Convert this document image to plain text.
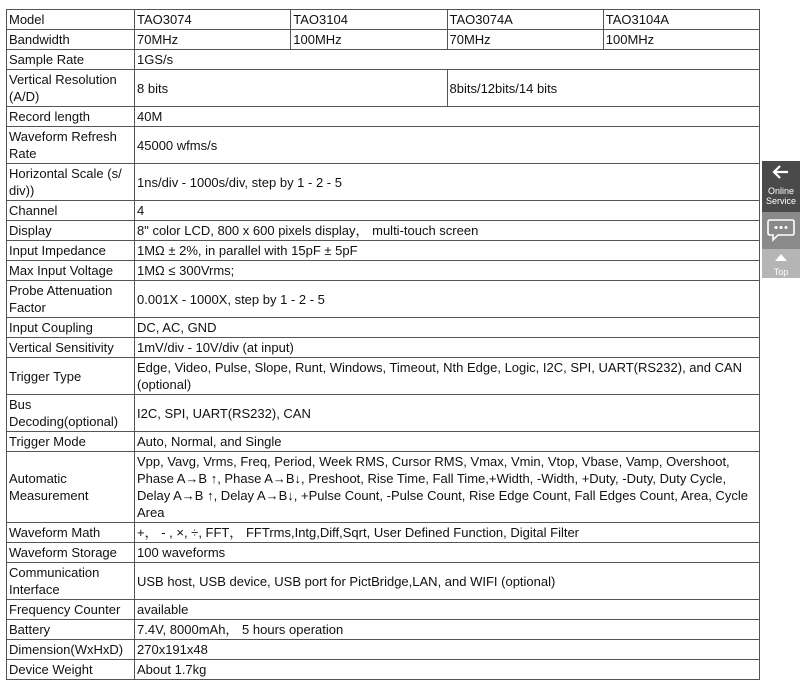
Model	TAO3074	TAO3104	TAO3074A	TAO3104A
Bandwidth	70MHz	100MHz	70MHz	100MHz
Sample Rate	1GS/s			
Vertical Resolution (A/D)	8 bits		8bits/12bits/14 bits	
Record length	40M			
Waveform Refresh Rate	45000 wfms/s			
Horizontal Scale (s/ div))	1ns/div - 1000s/div, step by 1 - 2 - 5			
Channel	4			
Display	8" color LCD, 800 x 600 pixels display， multi-touch screen			
Input Impedance	1MΩ ± 2%, in parallel with 15pF ± 5pF			
Max Input Voltage	1MΩ ≤ 300Vrms;			
Probe Attenuation Factor	0.001X - 1000X, step by 1 - 2 - 5			
Input Coupling	DC, AC, GND			
Vertical Sensitivity	1mV/div - 10V/div (at input)			
Trigger Type	Edge, Video, Pulse, Slope, Runt, Windows, Timeout, Nth Edge, Logic, I2C, SPI, UART(RS232), and CAN (optional)			
Bus Decoding(optional)	I2C, SPI, UART(RS232), CAN			
Trigger Mode	Auto, Normal, and Single			
Automatic Measurement	Vpp, Vavg, Vrms, Freq, Period, Week RMS, Cursor RMS, Vmax, Vmin, Vtop, Vbase, Vamp, Overshoot, Phase A→B ↑, Phase A→B↓, Preshoot, Rise Time, Fall Time,+Width, -Width, +Duty, -Duty, Duty Cycle, Delay A→B ↑, Delay A→B↓, +Pulse Count, -Pulse Count, Rise Edge Count, Fall Edges Count, Area, Cycle Area			
Waveform Math	+， - , ×, ÷, FFT， FFTrms,Intg,Diff,Sqrt, User Defined Function, Digital Filter			
Waveform Storage	100 waveforms			
Communication Interface	USB host, USB device, USB port for PictBridge,LAN, and WIFI (optional)			
Frequency Counter	available			
Battery	7.4V, 8000mAh， 5 hours operation			
Dimension(WxHxD)	270x191x48			
Device Weight	About 1.7kg			
Online Service
Top
